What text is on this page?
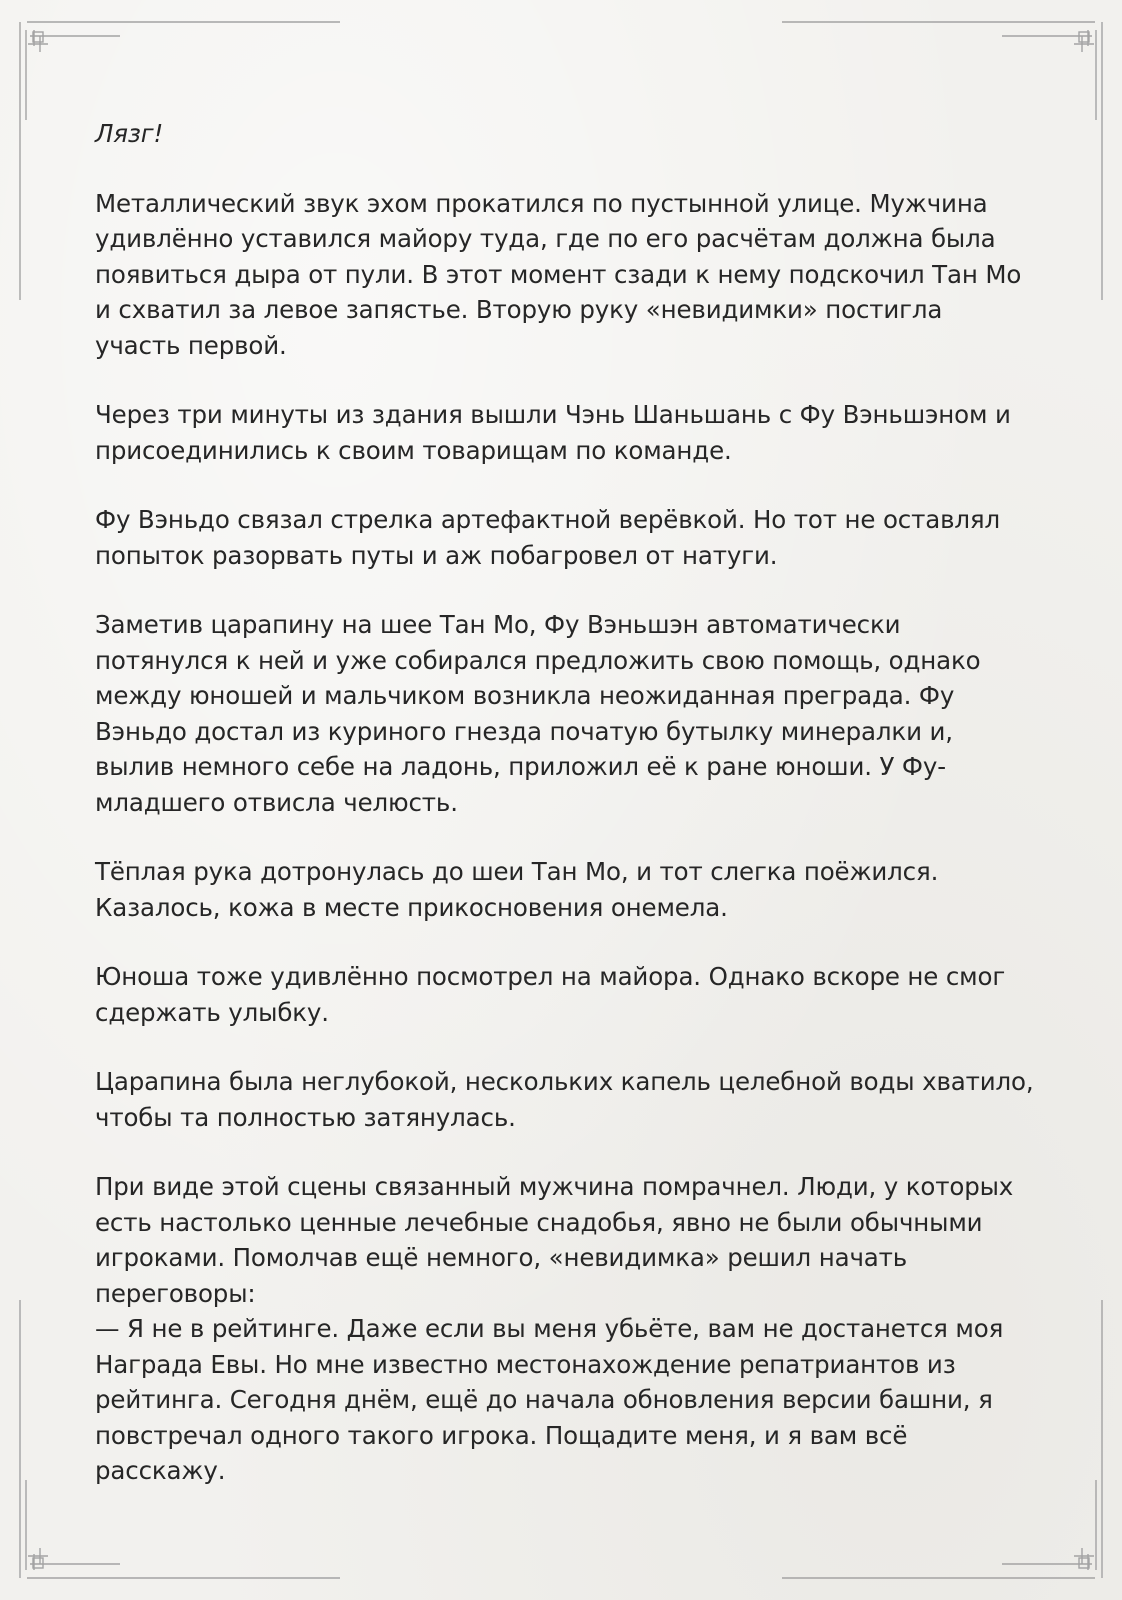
Лязг!

Металлический звук эхом прокатился по пустынной улице. Мужчина удивлённо уставился майору туда, где по его расчётам должна была появиться дыра от пули. В этот момент сзади к нему подскочил Тан Мо и схватил за левое запястье. Вторую руку «невидимки» постигла участь первой.

Через три минуты из здания вышли Чэнь Шаньшань с Фу Вэньшэном и присоединились к своим товарищам по команде.

Фу Вэньдо связал стрелка артефактной верёвкой. Но тот не оставлял попыток разорвать путы и аж побагровел от натуги.

Заметив царапину на шее Тан Мо, Фу Вэньшэн автоматически потянулся к ней и уже собирался предложить свою помощь, однако между юношей и мальчиком возникла неожиданная преграда. Фу Вэньдо достал из куриного гнезда початую бутылку минералки и, вылив немного себе на ладонь, приложил её к ране юноши. У Фу-младшего отвисла челюсть.

Тёплая рука дотронулась до шеи Тан Мо, и тот слегка поёжился. Казалось, кожа в месте прикосновения онемела.

Юноша тоже удивлённо посмотрел на майора. Однако вскоре не смог сдержать улыбку.

Царапина была неглубокой, нескольких капель целебной воды хватило, чтобы та полностью затянулась.

При виде этой сцены связанный мужчина помрачнел. Люди, у которых есть настолько ценные лечебные снадобья, явно не были обычными игроками. Помолчав ещё немного, «невидимка» решил начать переговоры:

— Я не в рейтинге. Даже если вы меня убьёте, вам не достанется моя Награда Евы. Но мне известно местонахождение репатриантов из рейтинга. Сегодня днём, ещё до начала обновления версии башни, я повстречал одного такого игрока. Пощадите меня, и я вам всё расскажу.
